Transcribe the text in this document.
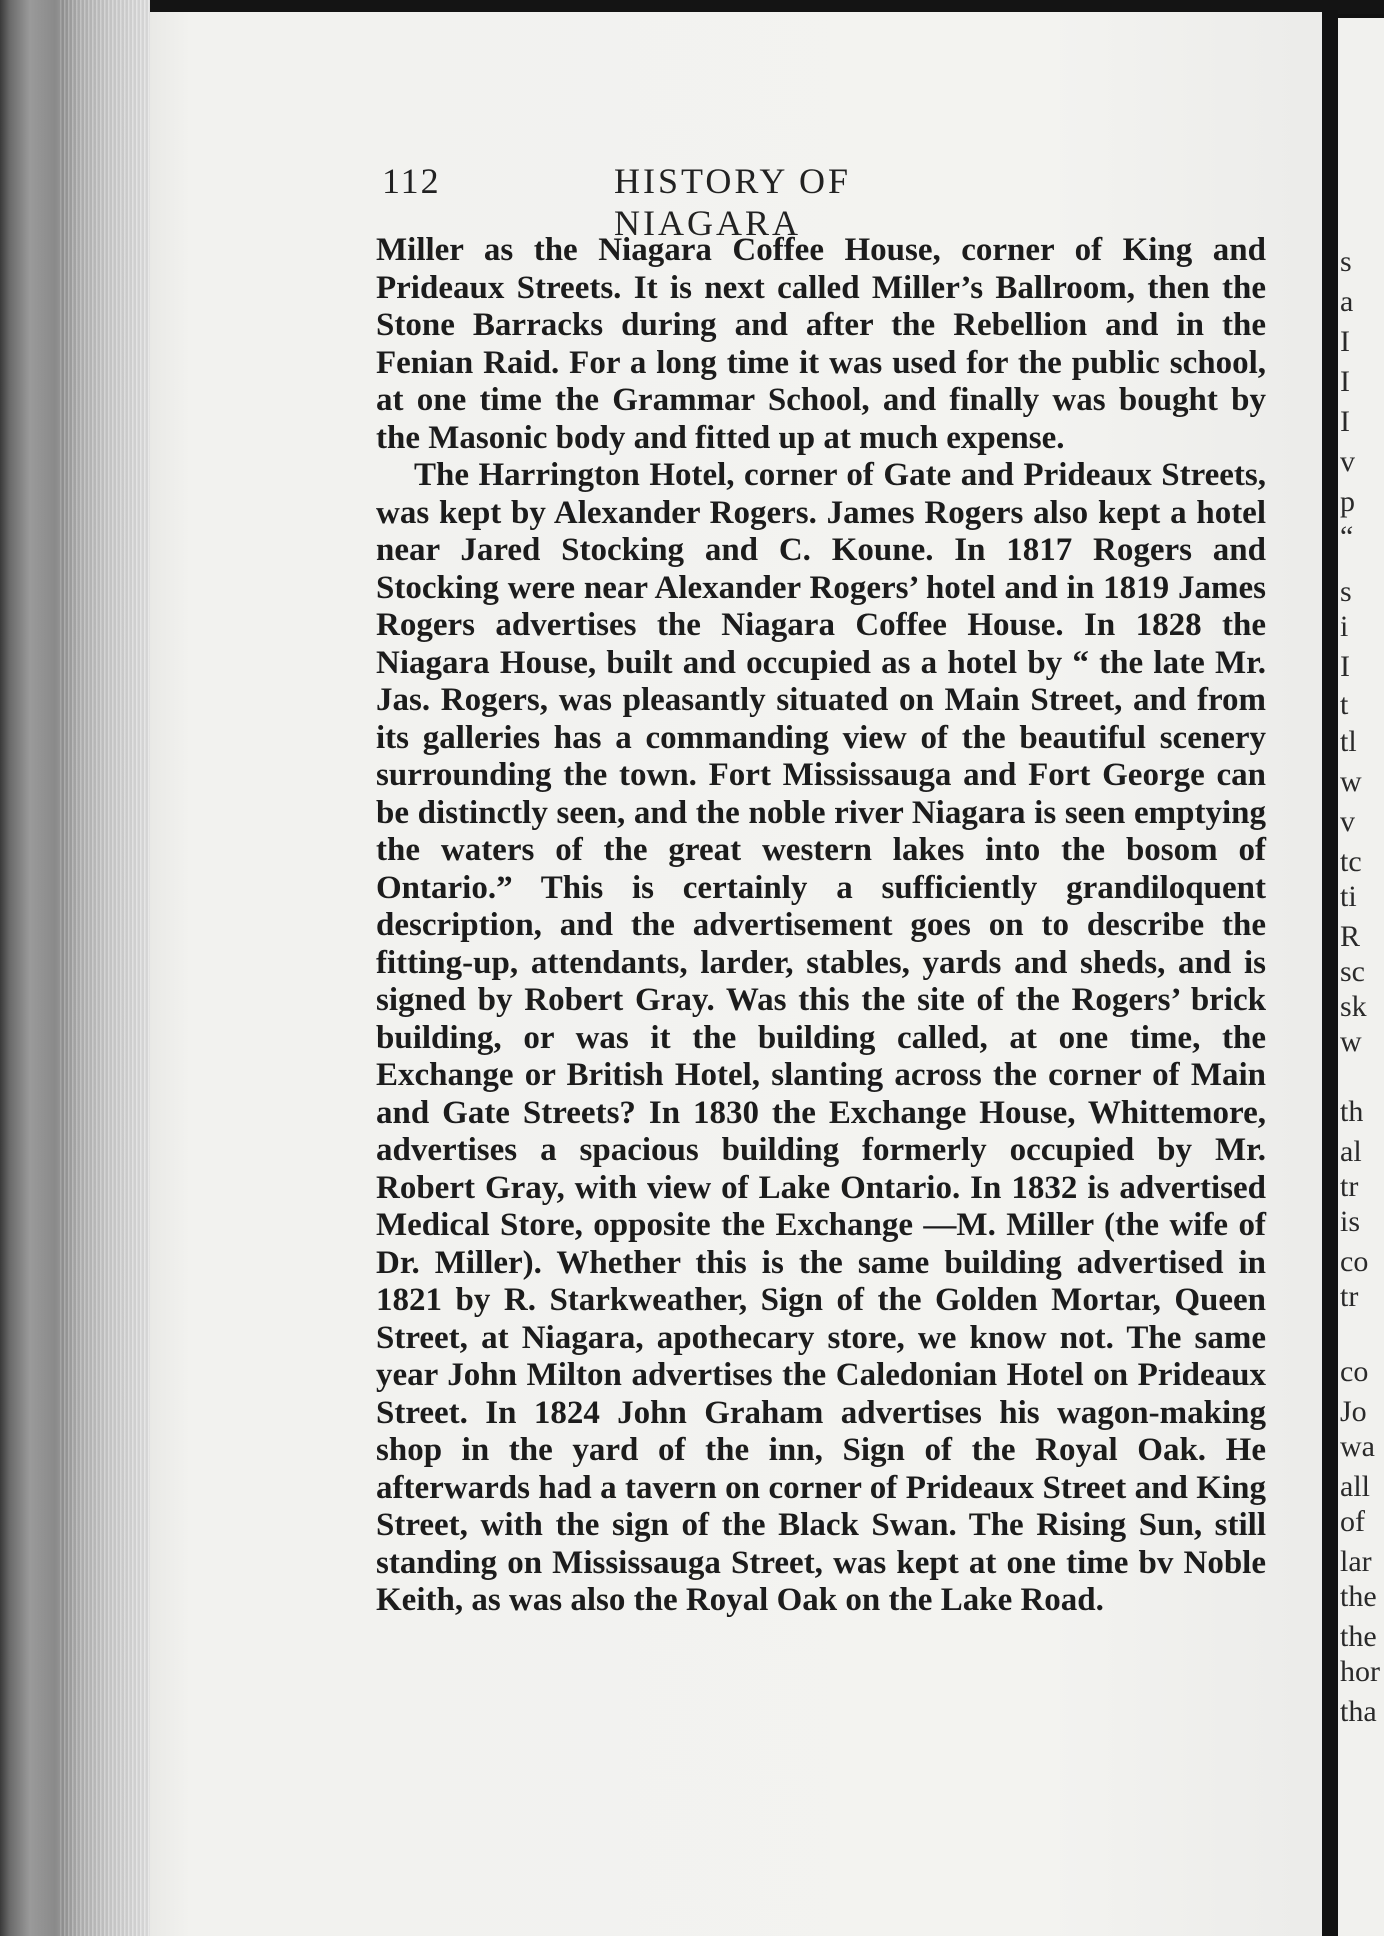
112	HISTORY OF NIAGARA

Miller as the Niagara Coffee House, corner of King and Prideaux Streets. It is next called Miller’s Ballroom, then the Stone Barracks during and after the Rebellion and in the Fenian Raid. For a long time it was used for the public school, at one time the Grammar School, and finally was bought by the Masonic body and fitted up at much expense.

The Harrington Hotel, corner of Gate and Prideaux Streets, was kept by Alexander Rogers. James Rogers also kept a hotel near Jared Stocking and C. Koune. In 1817 Rogers and Stocking were near Alexander Rogers’ hotel and in 1819 James Rogers advertises the Niagara Coffee House. In 1828 the Niagara House, built and occupied as a hotel by “ the late Mr. Jas. Rogers, was pleasantly situated on Main Street, and from its galleries has a commanding view of the beautiful scenery surrounding the town. Fort Mississauga and Fort George can be distinctly seen, and the noble river Niagara is seen emptying the waters of the great western lakes into the bosom of Ontario.” This is certainly a sufficiently grandiloquent description, and the advertisement goes on to describe the fitting-up, attendants, larder, stables, yards and sheds, and is signed by Robert Gray. Was this the site of the Rogers’ brick building, or was it the building called, at one time, the Exchange or British Hotel, slanting across the corner of Main and Gate Streets? In 1830 the Exchange House, Whittemore, advertises a spacious building formerly occupied by Mr. Robert Gray, with view of Lake Ontario. In 1832 is advertised Medical Store, opposite the Exchange —M. Miller (the wife of Dr. Miller). Whether this is the same building advertised in 1821 by R. Starkweather, Sign of the Golden Mortar, Queen Street, at Niagara, apothecary store, we know not. The same year John Milton advertises the Caledonian Hotel on Prideaux Street. In 1824 John Graham advertises his wagon-making shop in the yard of the inn, Sign of the Royal Oak. He afterwards had a tavern on corner of Prideaux Street and King Street, with the sign of the Black Swan. The Rising Sun, still standing on Mississauga Street, was kept at one time bv Noble Keith, as was also the Royal Oak on the Lake Road.

s
a
I
I
I
v
p
“
s
i
I
t
tl
w
v
tc
ti
R
sc
sk
w
th
al
tr
is
co
tr
co
Jo
wa
all
of
lar
the
the
hor
tha
